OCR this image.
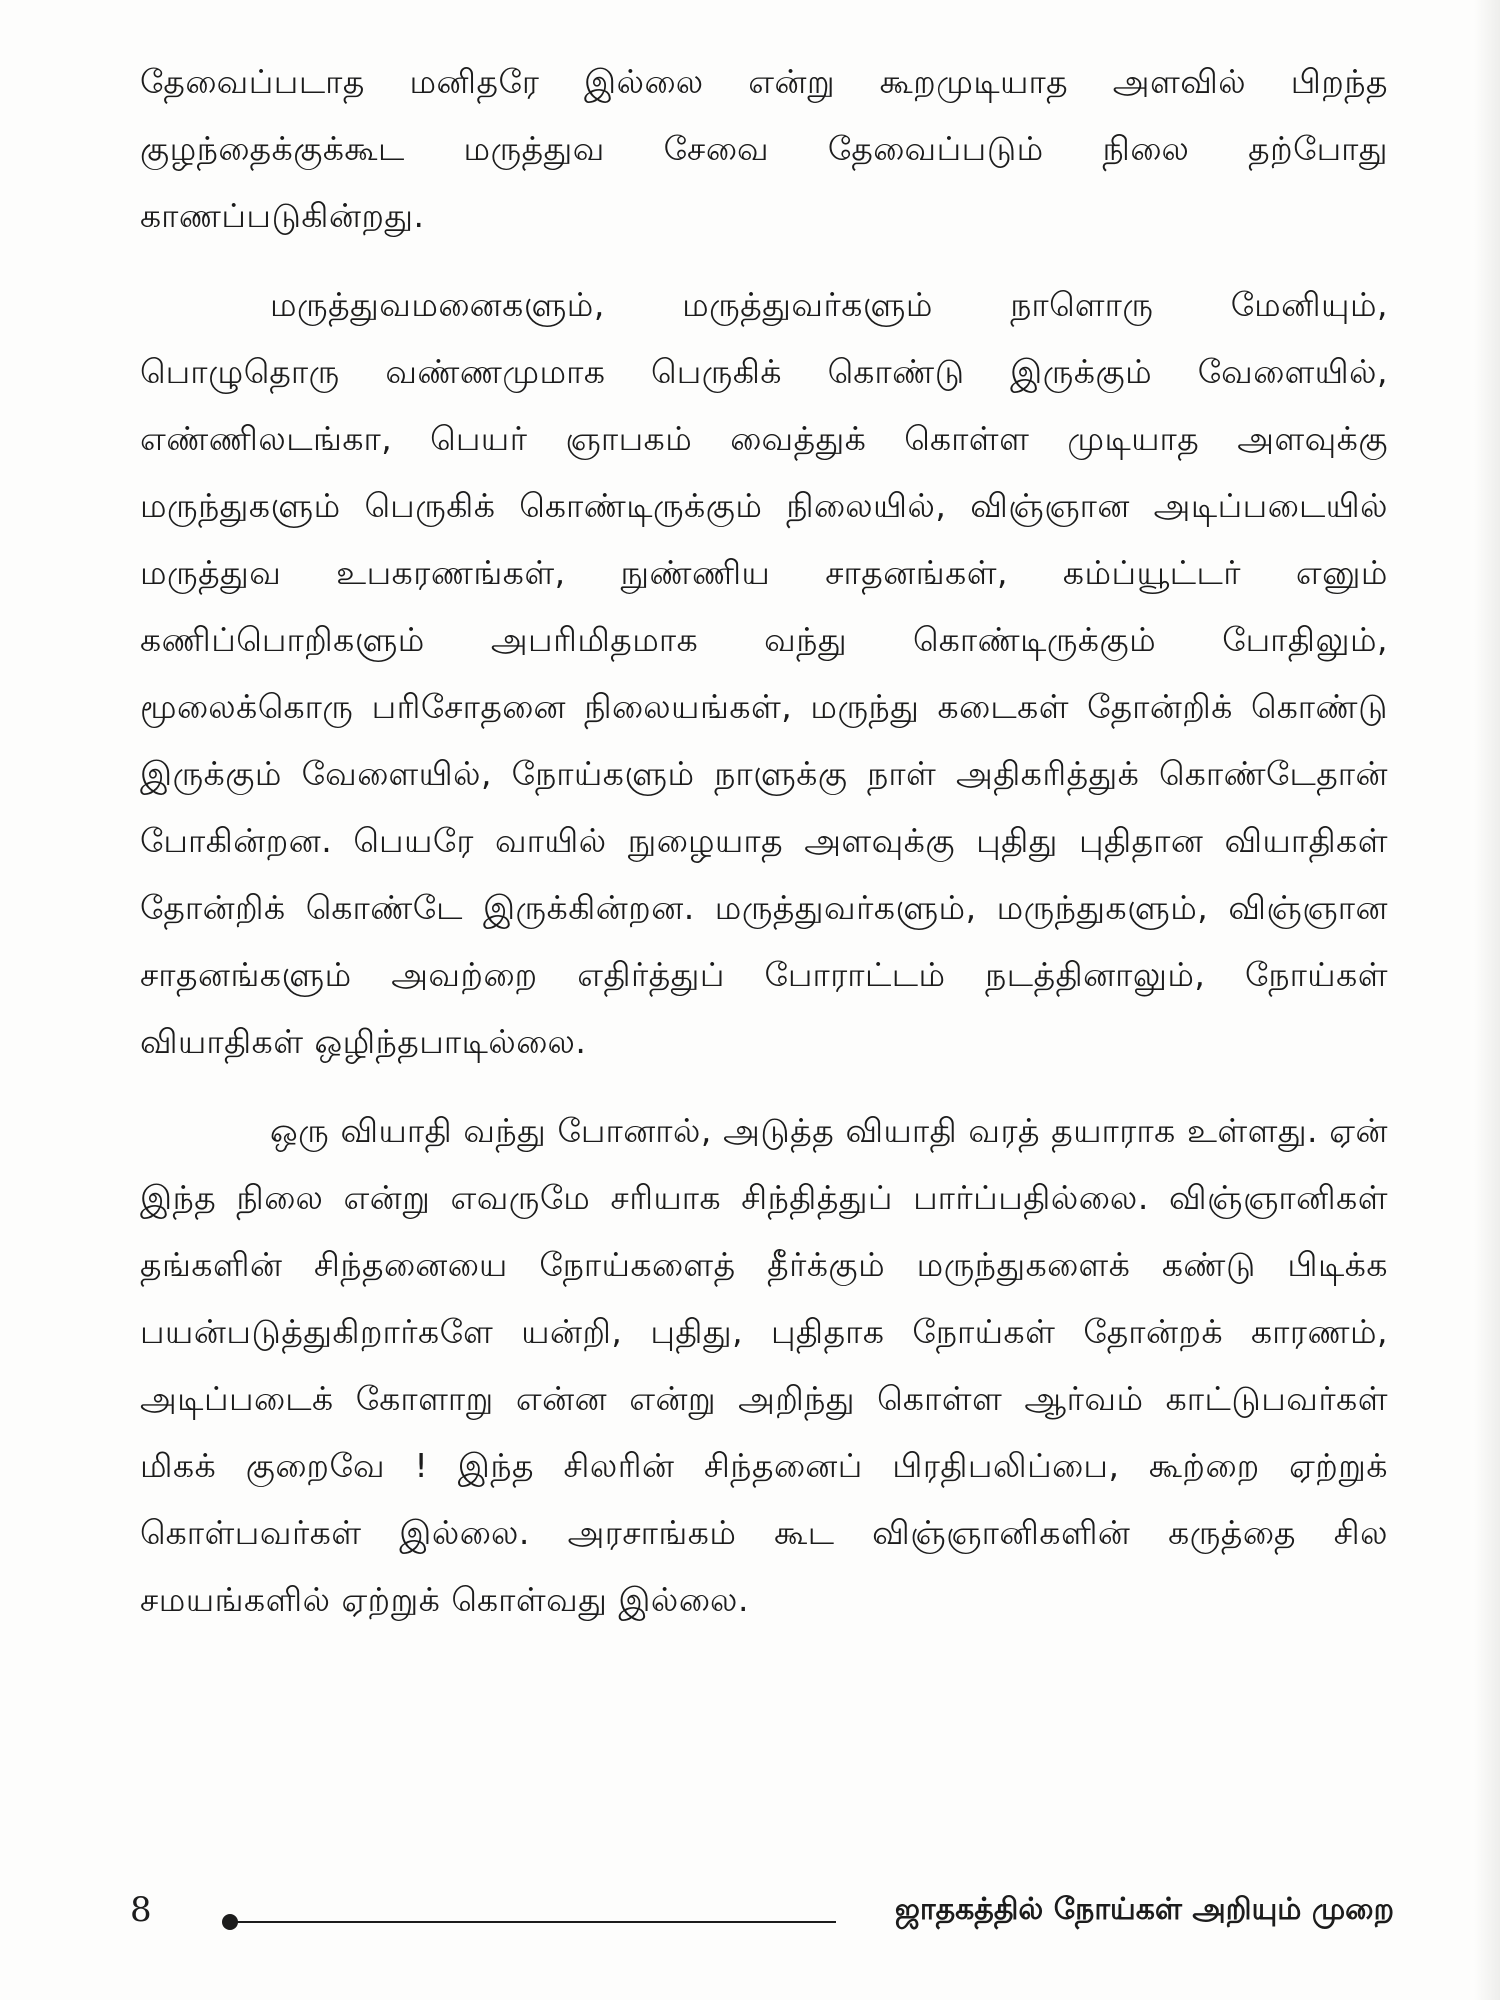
தேவைப்படாத மனிதரே இல்லை என்று கூறமுடியாத அளவில் பிறந்த குழந்தைக்குக்கூட மருத்துவ சேவை தேவைப்படும் நிலை தற்போது காணப்படுகின்றது.

மருத்துவமனைகளும், மருத்துவர்களும் நாளொரு மேனியும், பொழுதொரு வண்ணமுமாக பெருகிக் கொண்டு இருக்கும் வேளையில், எண்ணிலடங்கா, பெயர் ஞாபகம் வைத்துக் கொள்ள முடியாத அளவுக்கு மருந்துகளும் பெருகிக் கொண்டிருக்கும் நிலையில், விஞ்ஞான அடிப்படையில் மருத்துவ உபகரணங்கள், நுண்ணிய சாதனங்கள், கம்ப்யூட்டர் எனும் கணிப்பொறிகளும் அபரிமிதமாக வந்து கொண்டிருக்கும் போதிலும், மூலைக்கொரு பரிசோதனை நிலையங்கள், மருந்து கடைகள் தோன்றிக் கொண்டு இருக்கும் வேளையில், நோய்களும் நாளுக்கு நாள் அதிகரித்துக் கொண்டேதான் போகின்றன. பெயரே வாயில் நுழையாத அளவுக்கு புதிது புதிதான வியாதிகள் தோன்றிக் கொண்டே இருக்கின்றன. மருத்துவர்களும், மருந்துகளும், விஞ்ஞான சாதனங்களும் அவற்றை எதிர்த்துப் போராட்டம் நடத்தினாலும், நோய்கள் வியாதிகள் ஒழிந்தபாடில்லை.

ஒரு வியாதி வந்து போனால், அடுத்த வியாதி வரத் தயாராக உள்ளது. ஏன் இந்த நிலை என்று எவருமே சரியாக சிந்தித்துப் பார்ப்பதில்லை. விஞ்ஞானிகள் தங்களின் சிந்தனையை நோய்களைத் தீர்க்கும் மருந்துகளைக் கண்டு பிடிக்க பயன்படுத்துகிறார்களே யன்றி, புதிது, புதிதாக நோய்கள் தோன்றக் காரணம், அடிப்படைக் கோளாறு என்ன என்று அறிந்து கொள்ள ஆர்வம் காட்டுபவர்கள் மிகக் குறைவே ! இந்த சிலரின் சிந்தனைப் பிரதிபலிப்பை, கூற்றை ஏற்றுக் கொள்பவர்கள் இல்லை. அரசாங்கம் கூட விஞ்ஞானிகளின் கருத்தை சில சமயங்களில் ஏற்றுக் கொள்வது இல்லை.

8	ஜாதகத்தில் நோய்கள் அறியும் முறை
